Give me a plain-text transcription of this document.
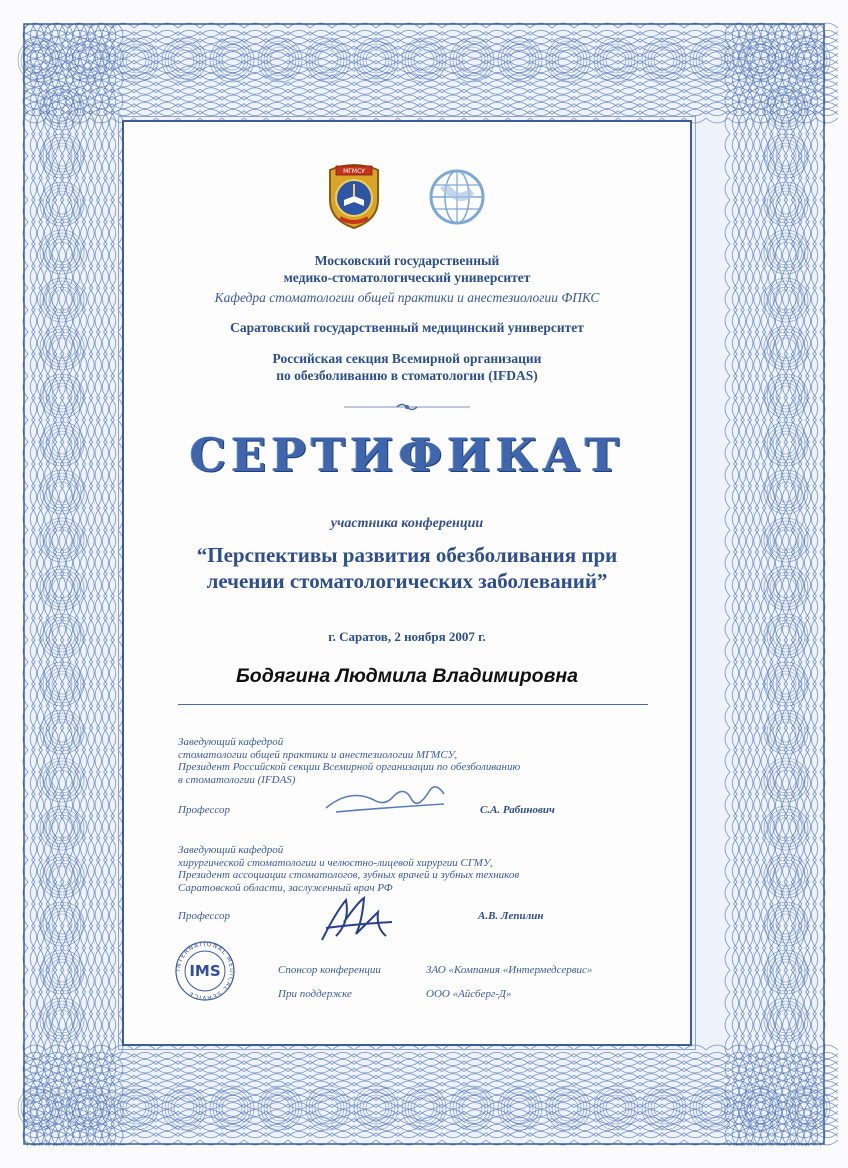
МГМСУ
Московский государственный
медико-стоматологический университет
Кафедра стоматологии общей практики и анестезиологии ФПКС
Саратовский государственный медицинский университет
Российская секция Всемирной организации
по обезболиванию в стоматологии (IFDAS)
СЕРТИФИКАТ
участника конференции
“Перспективы развития обезболивания при
лечении стоматологических заболеваний”
г. Саратов, 2 ноября 2007 г.
Бодягина Людмила Владимировна
Заведующий кафедрой
стоматологии общей практики и анестезиологии МГМСУ,
Президент Российской секции Всемирной организации по обезболиванию
в стоматологии (IFDAS)
Профессор	С.А. Рабинович
Заведующий кафедрой
хирургической стоматологии и челюстно-лицевой хирургии СГМУ,
Президент ассоциации стоматологов, зубных врачей и зубных техников
Саратовской области, заслуженный врач РФ
Профессор	А.В. Лепилин
INTERNATIONAL MEDICAL SERVICE
IMS	Спонсор конференции	ЗАО «Компания «Интермедсервис»
При поддержке	ООО «Айсберг-Д»
